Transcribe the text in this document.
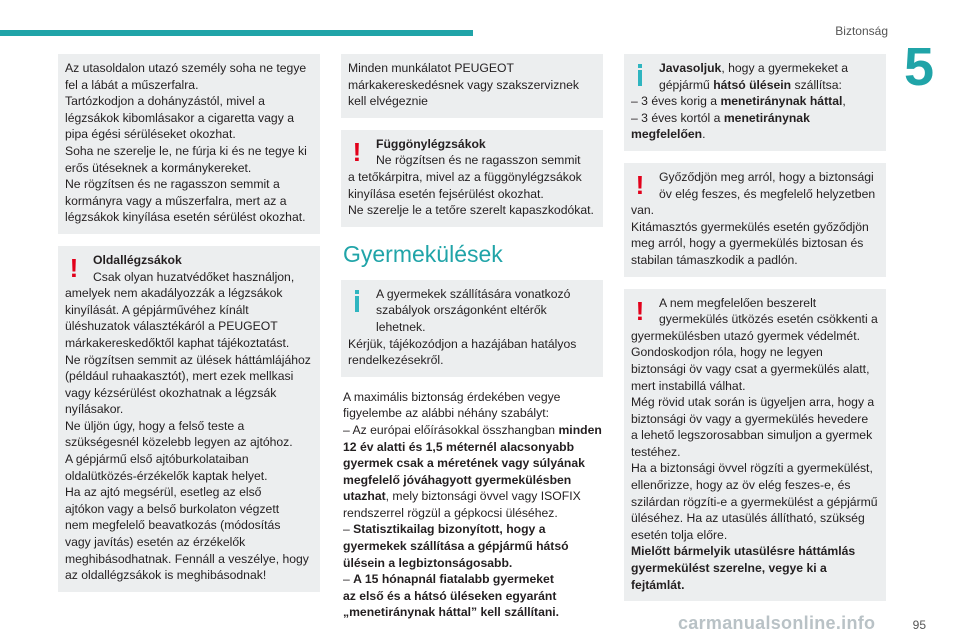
Biztonság
5

Az utasoldalon utazó személy soha ne tegye

fel a lábát a műszerfalra.

Tartózkodjon a dohányzástól, mivel a

légzsákok kibomlásakor a cigaretta vagy a

pipa égési sérüléseket okozhat.

Soha ne szerelje le, ne fúrja ki és ne tegye ki

erős ütéseknek a kormánykereket.

Ne rögzítsen és ne ragasszon semmit a

kormányra vagy a műszerfalra, mert az a

légzsákok kinyílása esetén sérülést okozhat.

!	Oldallégzsákok

Csak olyan huzatvédőket használjon,

amelyek nem akadályozzák a légzsákok

kinyílását. A gépjárművéhez kínált

üléshuzatok választékáról a PEUGEOT

márkakereskedőktől kaphat tájékoztatást.

Ne rögzítsen semmit az ülések háttámlájához

(például ruhaakasztót), mert ezek mellkasi

vagy kézsérülést okozhatnak a légzsák

nyílásakor.

Ne üljön úgy, hogy a felső teste a

szükségesnél közelebb legyen az ajtóhoz.

A gépjármű első ajtóburkolataiban

oldalütközés-érzékelők kaptak helyet.

Ha az ajtó megsérül, esetleg az első

ajtókon vagy a belső burkolaton végzett

nem megfelelő beavatkozás (módosítás

vagy javítás) esetén az érzékelők

meghibásodhatnak. Fennáll a veszélye, hogy

az oldallégzsákok is meghibásodnak!

Minden munkálatot PEUGEOT

márkakereskedésnek vagy szakszerviznek

kell elvégeznie

!	Függönylégzsákok

Ne rögzítsen és ne ragasszon semmit

a tetőkárpitra, mivel az a függönylégzsákok

kinyílása esetén fejsérülést okozhat.

Ne szerelje le a tetőre szerelt kapaszkodókat.

Gyermekülések

A gyermekek szállítására vonatkozó

szabályok országonként eltérők lehetnek.

Kérjük, tájékozódjon a hazájában hatályos

rendelkezésekről.

A maximális biztonság érdekében vegye

figyelembe az alábbi néhány szabályt:

– Az európai előírásokkal összhangban minden

12 év alatti és 1,5 méternél alacsonyabb

gyermek csak a méretének vagy súlyának

megfelelő jóváhagyott gyermekülésben

utazhat, mely biztonsági övvel vagy ISOFIX

rendszerrel rögzül a gépkocsi üléséhez.

– Statisztikailag bizonyított, hogy a

gyermekek szállítása a gépjármű hátsó

ülésein a legbiztonságosabb.

– A 15 hónapnál fiatalabb gyermeket

az első és a hátsó üléseken egyaránt

„menetiránynak háttal” kell szállítani.

Javasoljuk, hogy a gyermekeket a

gépjármű hátsó ülésein szállítsa:

– 3 éves korig a menetiránynak háttal,

– 3 éves kortól a menetiránynak

megfelelően.

!	Győződjön meg arról, hogy a biztonsági

öv elég feszes, és megfelelő helyzetben

van.

Kitámasztós gyermekülés esetén győződjön

meg arról, hogy a gyermekülés biztosan és

stabilan támaszkodik a padlón.

!	A nem megfelelően beszerelt

gyermekülés ütközés esetén csökkenti a

gyermekülésben utazó gyermek védelmét.

Gondoskodjon róla, hogy ne legyen

biztonsági öv vagy csat a gyermekülés alatt,

mert instabillá válhat.

Még rövid utak során is ügyeljen arra, hogy a

biztonsági öv vagy a gyermekülés hevedere

a lehető legszorosabban simuljon a gyermek

testéhez.

Ha a biztonsági övvel rögzíti a gyermekülést,

ellenőrizze, hogy az öv elég feszes-e, és

szilárdan rögzíti-e a gyermekülést a gépjármű

üléséhez. Ha az utasülés állítható, szükség

esetén tolja előre.

Mielőtt bármelyik utasülésre háttámlás

gyermekülést szerelne, vegye ki a

fejtámlát.

carmanualsonline.info	95
